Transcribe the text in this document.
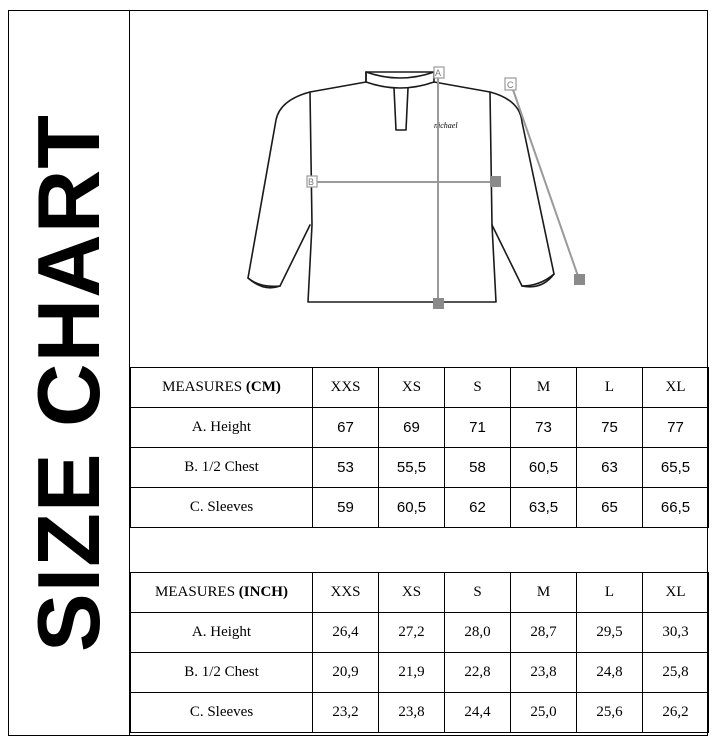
SIZE CHART	nichael
A
B
C
MEASURES (CM)	XXS	XS	S	M	L	XL
A. Height	67	69	71	73	75	77
B. 1/2 Chest	53	55,5	58	60,5	63	65,5
C. Sleeves	59	60,5	62	63,5	65	66,5
MEASURES (INCH)	XXS	XS	S	M	L	XL
A. Height	26,4	27,2	28,0	28,7	29,5	30,3
B. 1/2 Chest	20,9	21,9	22,8	23,8	24,8	25,8
C. Sleeves	23,2	23,8	24,4	25,0	25,6	26,2
